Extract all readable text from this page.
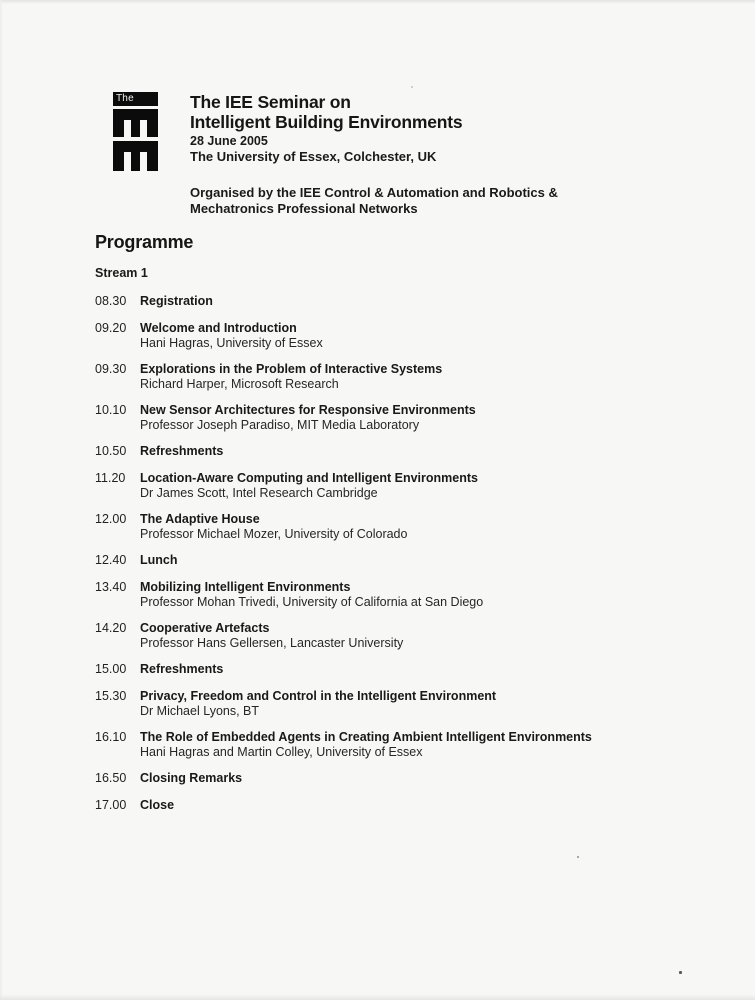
The	The IEE Seminar on
Intelligent Building Environments
28 June 2005
The University of Essex, Colchester, UK
Organised by the IEE Control & Automation and Robotics &
Mechatronics Professional Networks
Programme
Stream 1
08.30	Registration
09.20	Welcome and Introduction
Hani Hagras, University of Essex
09.30	Explorations in the Problem of Interactive Systems
Richard Harper, Microsoft Research
10.10	New Sensor Architectures for Responsive Environments
Professor Joseph Paradiso, MIT Media Laboratory
10.50	Refreshments
11.20	Location-Aware Computing and Intelligent Environments
Dr James Scott, Intel Research Cambridge
12.00	The Adaptive House
Professor Michael Mozer, University of Colorado
12.40	Lunch
13.40	Mobilizing Intelligent Environments
Professor Mohan Trivedi, University of California at San Diego
14.20	Cooperative Artefacts
Professor Hans Gellersen, Lancaster University
15.00	Refreshments
15.30	Privacy, Freedom and Control in the Intelligent Environment
Dr Michael Lyons, BT
16.10	The Role of Embedded Agents in Creating Ambient Intelligent Environments
Hani Hagras and Martin Colley, University of Essex
16.50	Closing Remarks
17.00	Close
